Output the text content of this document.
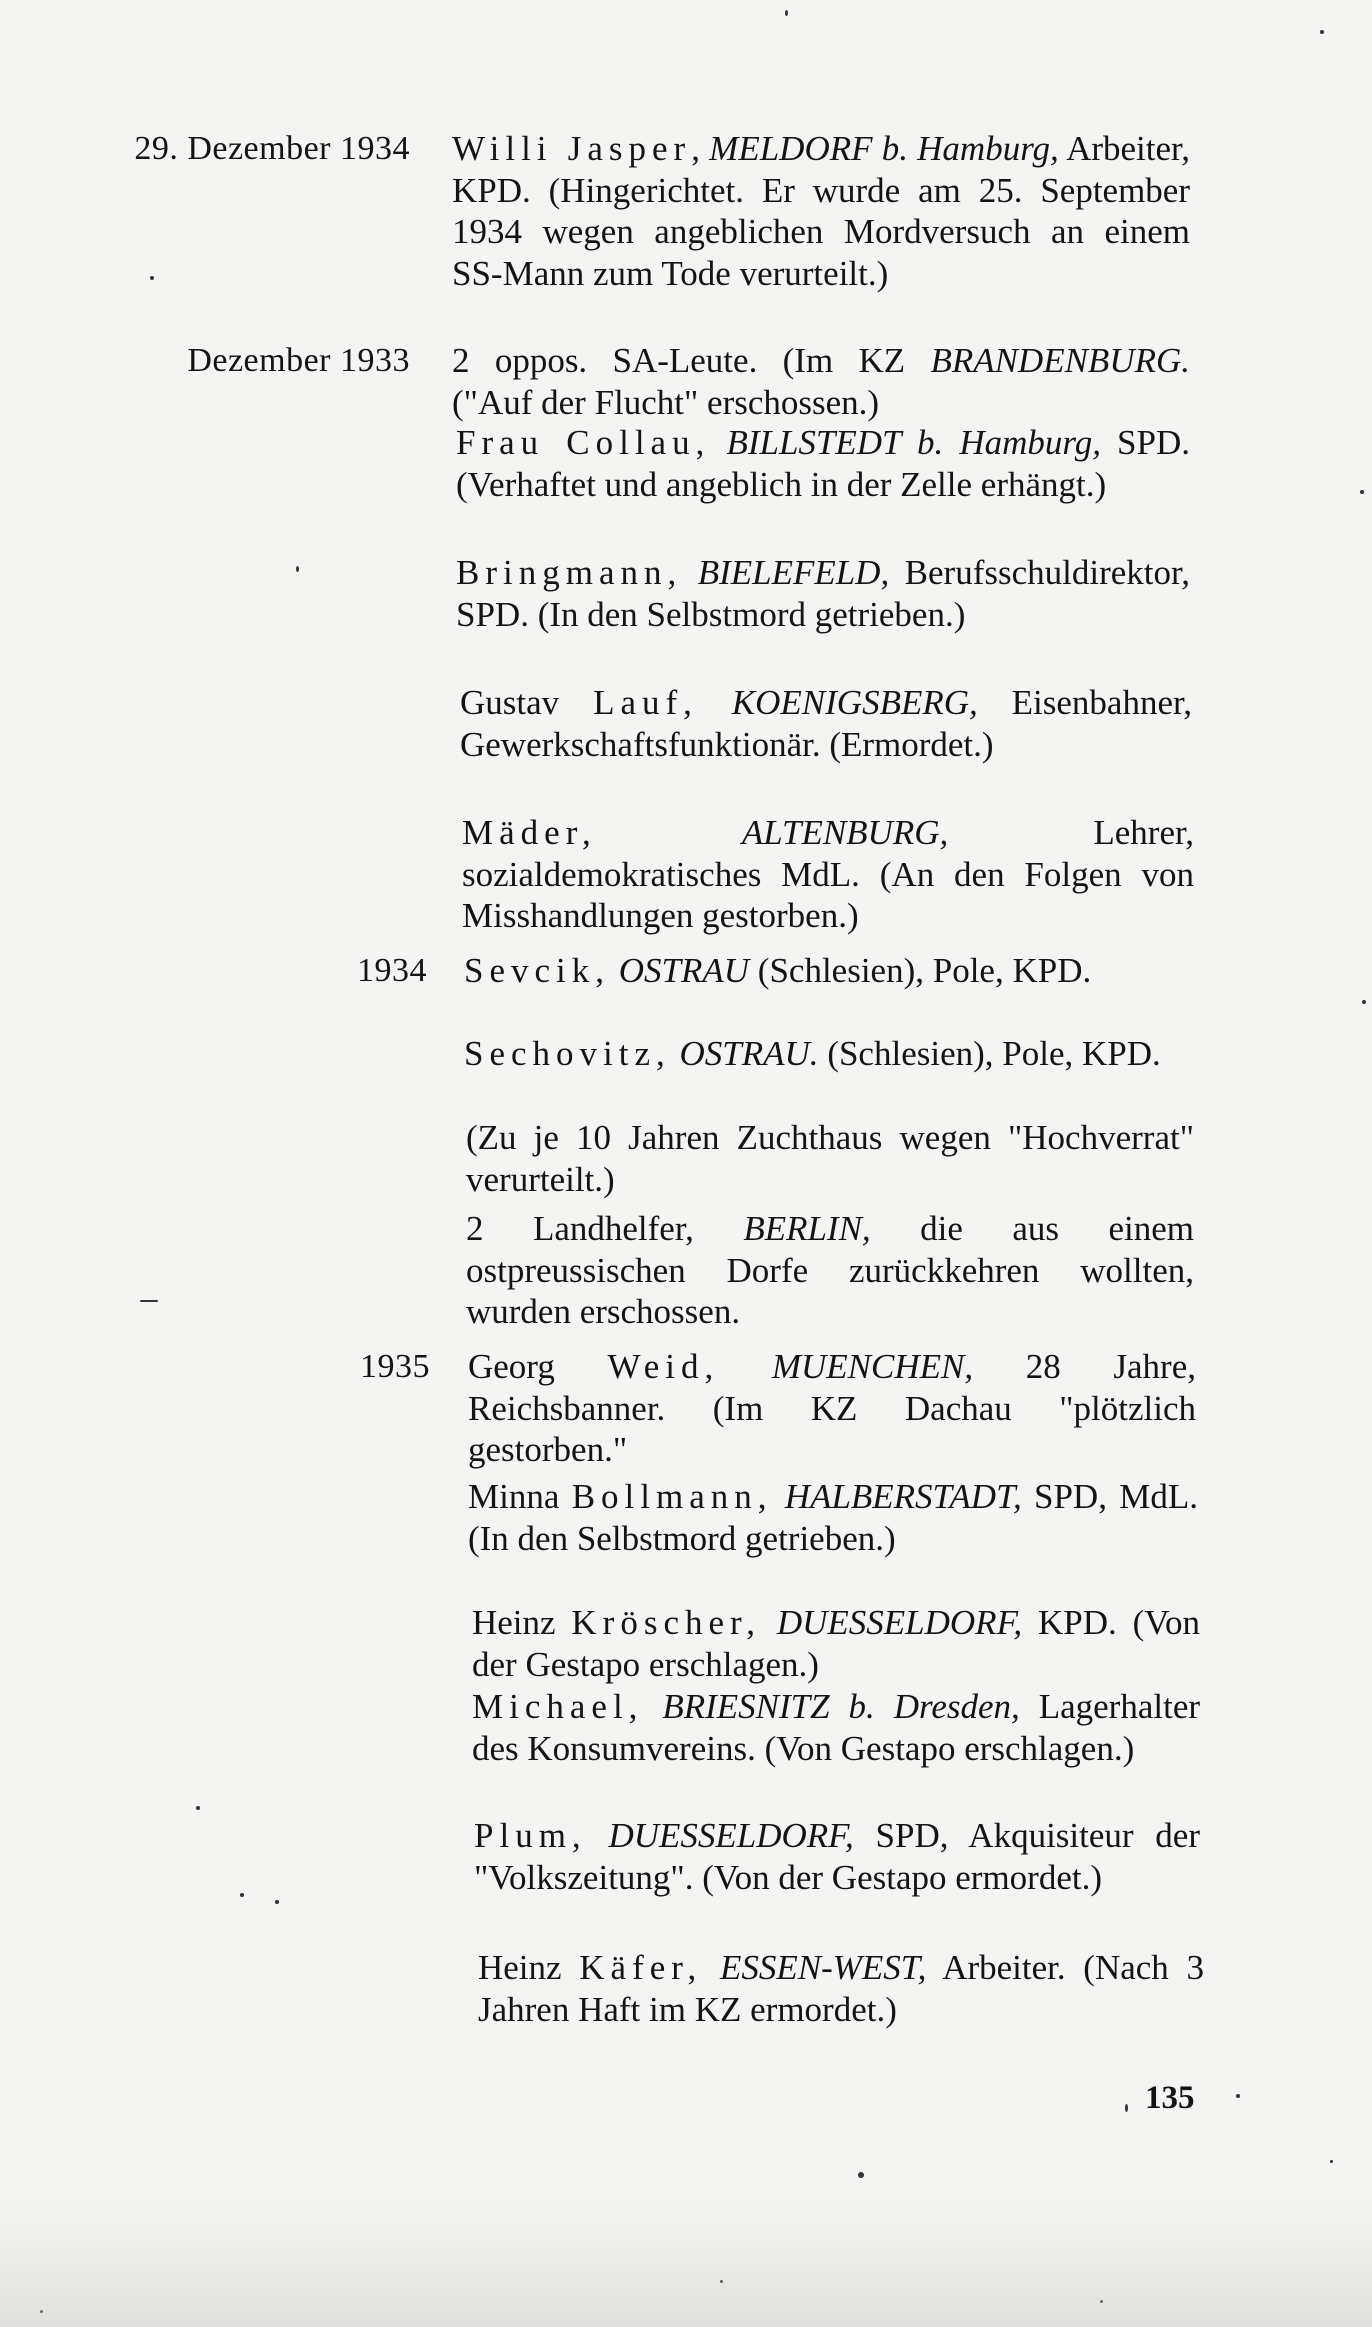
29. Dezember 1934
Dezember 1933
1934
1935

Willi Jasper, MELDORF b. Hamburg, Arbeiter, KPD. (Hingerichtet. Er wurde am 25. September 1934 wegen angeblichen Mordversuch an einem SS-Mann zum Tode verurteilt.)

2 oppos. SA-Leute. (Im KZ BRANDENBURG. ("Auf der Flucht" erschossen.)

Frau Collau, BILLSTEDT b. Hamburg, SPD. (Verhaftet und angeblich in der Zelle erhängt.)

Bringmann, BIELEFELD, Berufsschuldirektor, SPD. (In den Selbstmord getrieben.)

Gustav Lauf, KOENIGSBERG, Eisenbahner, Gewerkschaftsfunktionär. (Ermordet.)

Mäder,	ALTENBURG, Lehrer, sozialdemokratisches MdL. (An den Folgen von Misshandlungen gestorben.)

Sevcik, OSTRAU (Schlesien), Pole, KPD.

Sechovitz, OSTRAU. (Schlesien), Pole, KPD.

(Zu je 10 Jahren Zuchthaus wegen "Hochverrat" verurteilt.)

2 Landhelfer, BERLIN, die aus einem ostpreussischen Dorfe zurückkehren wollten, wurden erschossen.

Georg Weid, MUENCHEN, 28 Jahre, Reichsbanner. (Im KZ Dachau "plötzlich gestorben."

Minna Bollmann, HALBERSTADT, SPD, MdL. (In den Selbstmord getrieben.)

Heinz Kröscher, DUESSELDORF, KPD. (Von der Gestapo erschlagen.)

Michael, BRIESNITZ b. Dresden, Lagerhalter des Konsumvereins. (Von Gestapo erschlagen.)

Plum, DUESSELDORF, SPD, Akquisiteur der "Volkszeitung". (Von der Gestapo ermordet.)

Heinz Käfer, ESSEN-WEST, Arbeiter. (Nach 3 Jahren Haft im KZ ermordet.)

135
